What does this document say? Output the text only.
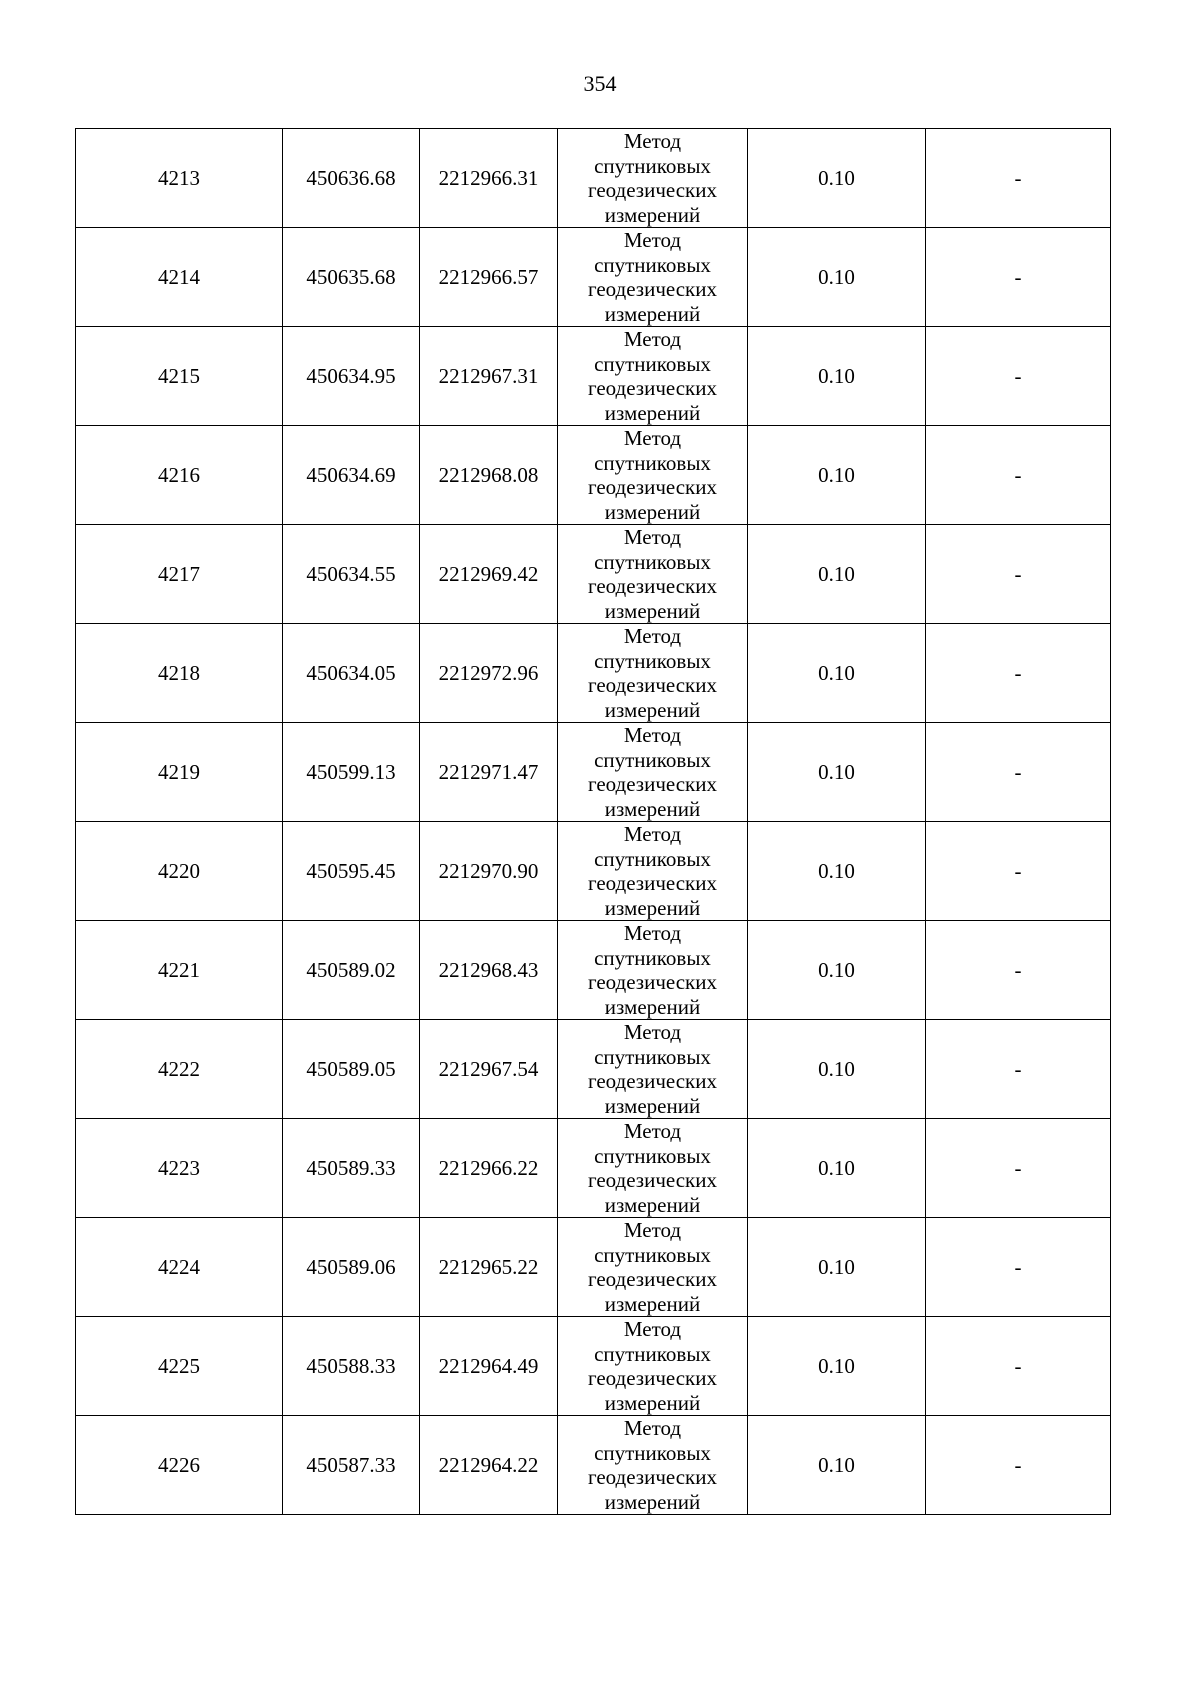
354
4213	450636.68	2212966.31	Метод
спутниковых
геодезических
измерений	0.10	-
4214	450635.68	2212966.57	Метод
спутниковых
геодезических
измерений	0.10	-
4215	450634.95	2212967.31	Метод
спутниковых
геодезических
измерений	0.10	-
4216	450634.69	2212968.08	Метод
спутниковых
геодезических
измерений	0.10	-
4217	450634.55	2212969.42	Метод
спутниковых
геодезических
измерений	0.10	-
4218	450634.05	2212972.96	Метод
спутниковых
геодезических
измерений	0.10	-
4219	450599.13	2212971.47	Метод
спутниковых
геодезических
измерений	0.10	-
4220	450595.45	2212970.90	Метод
спутниковых
геодезических
измерений	0.10	-
4221	450589.02	2212968.43	Метод
спутниковых
геодезических
измерений	0.10	-
4222	450589.05	2212967.54	Метод
спутниковых
геодезических
измерений	0.10	-
4223	450589.33	2212966.22	Метод
спутниковых
геодезических
измерений	0.10	-
4224	450589.06	2212965.22	Метод
спутниковых
геодезических
измерений	0.10	-
4225	450588.33	2212964.49	Метод
спутниковых
геодезических
измерений	0.10	-
4226	450587.33	2212964.22	Метод
спутниковых
геодезических
измерений	0.10	-
